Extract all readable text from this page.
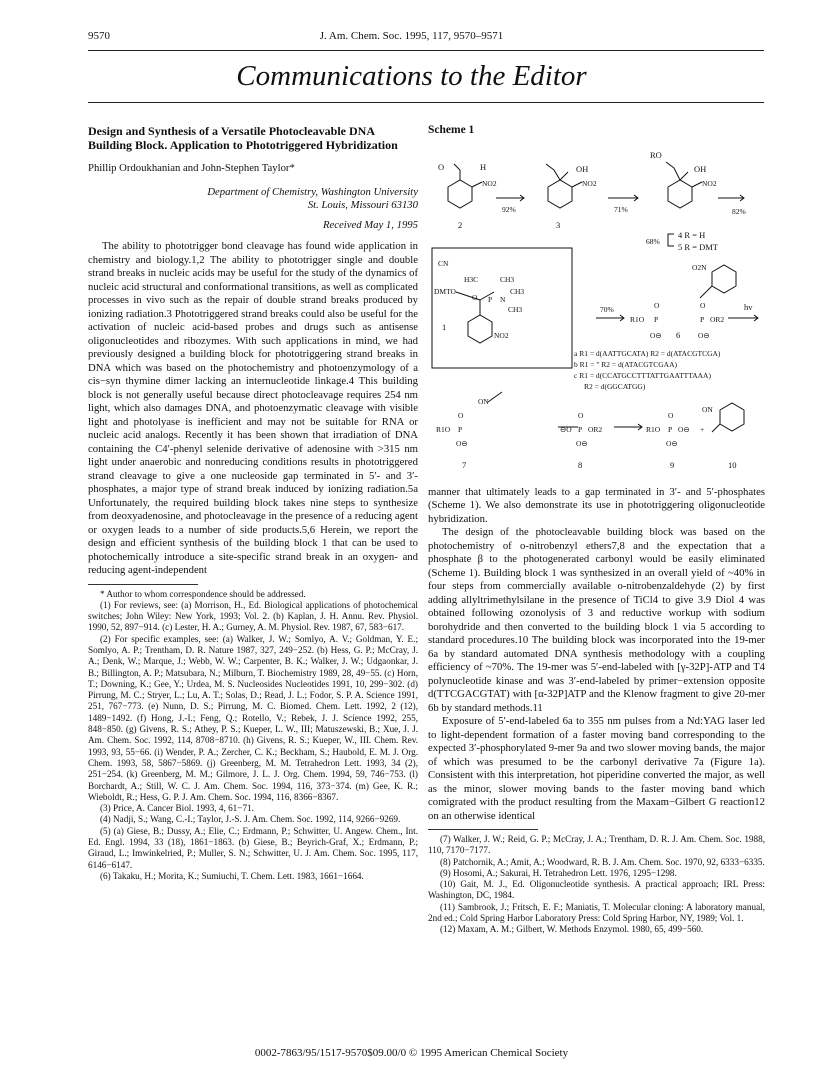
9570	J. Am. Chem. Soc. 1995, 117, 9570–9571
Communications to the Editor
Design and Synthesis of a Versatile Photocleavable DNA Building Block. Application to Phototriggered Hybridization
Phillip Ordoukhanian and John-Stephen Taylor*
Department of Chemistry, Washington University
St. Louis, Missouri 63130
Received May 1, 1995

The ability to phototrigger bond cleavage has found wide application in chemistry and biology.1,2 The ability to phototrigger single and double strand breaks in nucleic acids may be useful for the study of the dynamics of nucleic acid structural and conformational transitions, as well as complicated processes in vivo such as the repair of double strand breaks produced by ionizing radiation.3 Phototriggered strand breaks could also be useful for the activation of nucleic acid-based probes and drugs such as antisense oligonucleotides and ribozymes. With such applications in mind, we had previously designed a building block for phototriggering strand breaks in DNA which was based on the photochemistry and photoenzymology of a cis−syn thymine dimer lacking an internucleotide linkage.4 This building block is not generally useful because direct photocleavage requires 254 nm light, which also damages DNA, and photoenzymatic cleavage with visible light and photolyase is inefficient and may not be suitable for RNA or nucleic acid analogs. Recently it has been shown that irradiation of DNA containing the C4′-phenyl selenide derivative of adenosine with >315 nm light under anaerobic and nonreducing conditions results in phototriggered strand cleavage to give a one nucleoside gap terminated in 5′- and 3′-phosphates, a major type of strand break induced by ionizing radiation.5a Unfortunately, the required building block takes nine steps to synthesize from deoxyadenosine, and photocleavage in the presence of a reducing agent or oxygen leads to a number of side products.5,6 Herein, we report the design and efficient synthesis of the building block 1 that can be used to photochemically introduce a site-specific strand break in an oxygen- and reducing agent-independent

* Author to whom correspondence should be addressed.
(1) For reviews, see: (a) Morrison, H., Ed. Biological applications of photochemical switches; John Wiley: New York, 1993; Vol. 2. (b) Kaplan, J. H. Annu. Rev. Physiol. 1990, 52, 897−914. (c) Lester, H. A.; Gurney, A. M. Physiol. Rev. 1987, 67, 583−617.
(2) For specific examples, see: (a) Walker, J. W.; Somlyo, A. V.; Goldman, Y. E.; Somlyo, A. P.; Trentham, D. R. Nature 1987, 327, 249−252. (b) Hess, G. P.; McCray, J. A.; Denk, W.; Marque, J.; Webb, W. W.; Carpenter, B. K.; Walker, J. W.; Udgaonkar, J. B.; Billington, A. P.; Matsubara, N.; Milburn, T. Biochemistry 1989, 28, 49−55. (c) Horn, T.; Downing, K.; Gee, Y.; Urdea, M. S. Nucleosides Nucleotides 1991, 10, 299−302. (d) Pirrung, M. C.; Stryer, L.; Lu, A. T.; Solas, D.; Read, J. L.; Fodor, S. P. A. Science 1991, 251, 767−773. (e) Nunn, D. S.; Pirrung, M. C. Biomed. Chem. Lett. 1992, 2 (12), 1489−1492. (f) Hong, J.-I.; Feng, Q.; Rotello, V.; Rebek, J. J. Science 1992, 255, 848−850. (g) Givens, R. S.; Athey, P. S.; Kueper, L. W., III; Matuszewski, B.; Xue, J. J. Am. Chem. Soc. 1992, 114, 8708−8710. (h) Givens, R. S.; Kueper, W., III. Chem. Rev. 1993, 93, 55−66. (i) Wender, P. A.; Zercher, C. K.; Beckham, S.; Haubold, E. M. J. Org. Chem. 1993, 58, 5867−5869. (j) Greenberg, M. M. Tetrahedron Lett. 1993, 34 (2), 251−254. (k) Greenberg, M. M.; Gilmore, J. L. J. Org. Chem. 1994, 59, 746−753. (l) Borchardt, A.; Still, W. C. J. Am. Chem. Soc. 1994, 116, 373−374. (m) Gee, K. R.; Wieboldt, R.; Hess, G. P. J. Am. Chem. Soc. 1994, 116, 8366−8367.
(3) Price, A. Cancer Biol. 1993, 4, 61−71.
(4) Nadji, S.; Wang, C.-I.; Taylor, J.-S. J. Am. Chem. Soc. 1992, 114, 9266−9269.
(5) (a) Giese, B.; Dussy, A.; Elie, C.; Erdmann, P.; Schwitter, U. Angew. Chem., Int. Ed. Engl. 1994, 33 (18), 1861−1863. (b) Giese, B.; Beyrich-Graf, X.; Erdmann, P.; Giraud, L.; Imwinkelried, P.; Muller, S. N.; Schwitter, U. J. Am. Chem. Soc. 1995, 117, 6146−6147.
(6) Takaku, H.; Morita, K.; Sumiuchi, T. Chem. Lett. 1983, 1661−1664.
Scheme 1
O	H
NO2
OH
NO2
RO
OH
NO2
2	3
92%	71%	82%
68%
4 R = H
5 R = DMT
CN
H3C	CH3
DMTO
O P N
CH3
CH3
NO2
1
O2N
hv
70%
R1O P
O
O⊖
P
O
OR2
O⊖
6
a R1 = d(AATTGCATA) R2 = d(ATACGTCGA)
b R1 = " R2 = d(ATACGTCGAA)
c R1 = d(CCATGCCTTTATTGAATTTAAA)
R2 = d(GGCATGG)
ON
R1O P
O
O⊖
⊖O P
O
OR2
O⊖
R1O P
O
O⊖
O⊖
+
ON
7	8	9	10

manner that ultimately leads to a gap terminated in 3′- and 5′-phosphates (Scheme 1). We also demonstrate its use in phototriggering oligonucleotide hybridization.

The design of the photocleavable building block was based on the photochemistry of o-nitrobenzyl ethers7,8 and the expectation that a phosphate β to the photogenerated carbonyl would be easily eliminated (Scheme 1). Building block 1 was synthesized in an overall yield of ~40% in four steps from commercially available o-nitrobenzaldehyde (2) by first adding allyltrimethylsilane in the presence of TiCl4 to give 3.9 Diol 4 was obtained following ozonolysis of 3 and reductive workup with sodium borohydride and then converted to the building block 1 via 5 according to standard procedures.10 The building block was incorporated into the 19-mer 6a by standard automated DNA synthesis methodology with a coupling efficiency of ~70%. The 19-mer was 5′-end-labeled with [γ-32P]-ATP and T4 polynucleotide kinase and was 3′-end-labeled by primer−extension opposite d(TTCGACGTAT) with [α-32P]ATP and the Klenow fragment to give 20-mer 6b by standard methods.11

Exposure of 5′-end-labeled 6a to 355 nm pulses from a Nd:YAG laser led to light-dependent formation of a faster moving band corresponding to the expected 3′-phosphorylated 9-mer 9a and two slower moving bands, the major of which was presumed to be the carbonyl derivative 7a (Figure 1a). Consistent with this interpretation, hot piperidine converted the major, as well as the minor, slower moving bands to the faster moving band which comigrated with the product resulting from the Maxam−Gilbert G reaction12 on an otherwise identical

(7) Walker, J. W.; Reid, G. P.; McCray, J. A.; Trentham, D. R. J. Am. Chem. Soc. 1988, 110, 7170−7177.
(8) Patchornik, A.; Amit, A.; Woodward, R. B. J. Am. Chem. Soc. 1970, 92, 6333−6335.
(9) Hosomi, A.; Sakurai, H. Tetrahedron Lett. 1976, 1295−1298.
(10) Gait, M. J., Ed. Oligonucleotide synthesis. A practical approach; IRL Press: Washington, DC, 1984.
(11) Sambrook, J.; Fritsch, E. F.; Maniatis, T. Molecular cloning: A laboratory manual, 2nd ed.; Cold Spring Harbor Laboratory Press: Cold Spring Harbor, NY, 1989; Vol. 1.
(12) Maxam, A. M.; Gilbert, W. Methods Enzymol. 1980, 65, 499−560.
0002-7863/95/1517-9570$09.00/0 © 1995 American Chemical Society
